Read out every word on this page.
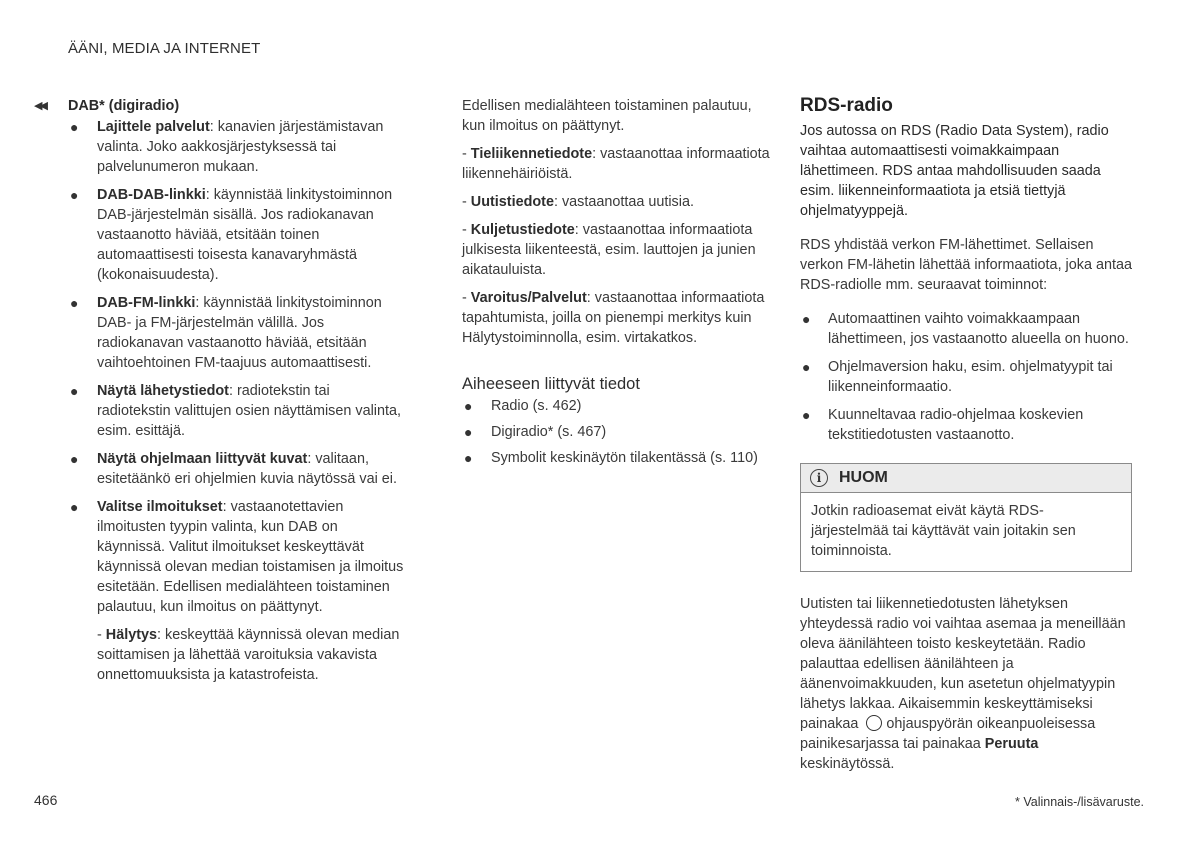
ÄÄNI, MEDIA JA INTERNET
◀◀	DAB* (digiradio)
● Lajittele palvelut: kanavien järjestämistavan valinta. Joko aakkosjärjestyksessä tai palvelunumeron mukaan.
● DAB-DAB-linkki: käynnistää linkitystoiminnon DAB-järjestelmän sisällä. Jos radiokanavan vastaanotto häviää, etsitään toinen automaattisesti toisesta kanavaryhmästä (kokonaisuudesta).
● DAB-FM-linkki: käynnistää linkitystoiminnon DAB- ja FM-järjestelmän välillä. Jos radiokanavan vastaanotto häviää, etsitään vaihtoehtoinen FM-taajuus automaattisesti.
● Näytä lähetystiedot: radiotekstin tai radiotekstin valittujen osien näyttämisen valinta, esim. esittäjä.
● Näytä ohjelmaan liittyvät kuvat: valitaan, esitetäänkö eri ohjelmien kuvia näytössä vai ei.
● Valitse ilmoitukset: vastaanotettavien ilmoitusten tyypin valinta, kun DAB on käynnissä. Valitut ilmoitukset keskeyttävät käynnissä olevan median toistamisen ja ilmoitus esitetään. Edellisen medialähteen toistaminen palautuu, kun ilmoitus on päättynyt.
- Hälytys: keskeyttää käynnissä olevan median soittamisen ja lähettää varoituksia vakavista onnettomuuksista ja katastrofeista.

Edellisen medialähteen toistaminen palautuu, kun ilmoitus on päättynyt.

- Tieliikennetiedote: vastaanottaa informaatiota liikennehäiriöistä.

- Uutistiedote: vastaanottaa uutisia.

- Kuljetustiedote: vastaanottaa informaatiota julkisesta liikenteestä, esim. lauttojen ja junien aikatauluista.

- Varoitus/Palvelut: vastaanottaa informaatiota tapahtumista, joilla on pienempi merkitys kuin Hälytystoiminnolla, esim. virtakatkos.

Aiheeseen liittyvät tiedot
● Radio (s. 462)
● Digiradio* (s. 467)
● Symbolit keskinäytön tilakentässä (s. 110)
RDS-radio

Jos autossa on RDS (Radio Data System), radio vaihtaa automaattisesti voimakkaimpaan lähettimeen. RDS antaa mahdollisuuden saada esim. liikenneinformaatiota ja etsiä tiettyjä ohjelmatyyppejä.

RDS yhdistää verkon FM-lähettimet. Sellaisen verkon FM-lähetin lähettää informaatiota, joka antaa RDS-radiolle mm. seuraavat toiminnot:

● Automaattinen vaihto voimakkaampaan lähettimeen, jos vastaanotto alueella on huono.
● Ohjelmaversion haku, esim. ohjelmatyypit tai liikenneinformaatio.
● Kuunneltavaa radio-ohjelmaa koskevien tekstitiedotusten vastaanotto.
i	HUOM
Jotkin radioasemat eivät käytä RDS-järjestelmää tai käyttävät vain joitakin sen toiminnoista.

Uutisten tai liikennetiedotusten lähetyksen yhteydessä radio voi vaihtaa asemaa ja meneillään oleva äänilähteen toisto keskeytetään. Radio palauttaa edellisen äänilähteen ja äänenvoimakkuuden, kun asetetun ohjelmatyypin lähetys lakkaa. Aikaisemmin keskeyttämiseksi painakaa ohjauspyörän oikeanpuoleisessa painikesarjassa tai painakaa Peruuta keskinäytössä.

466	* Valinnais-/lisävaruste.
